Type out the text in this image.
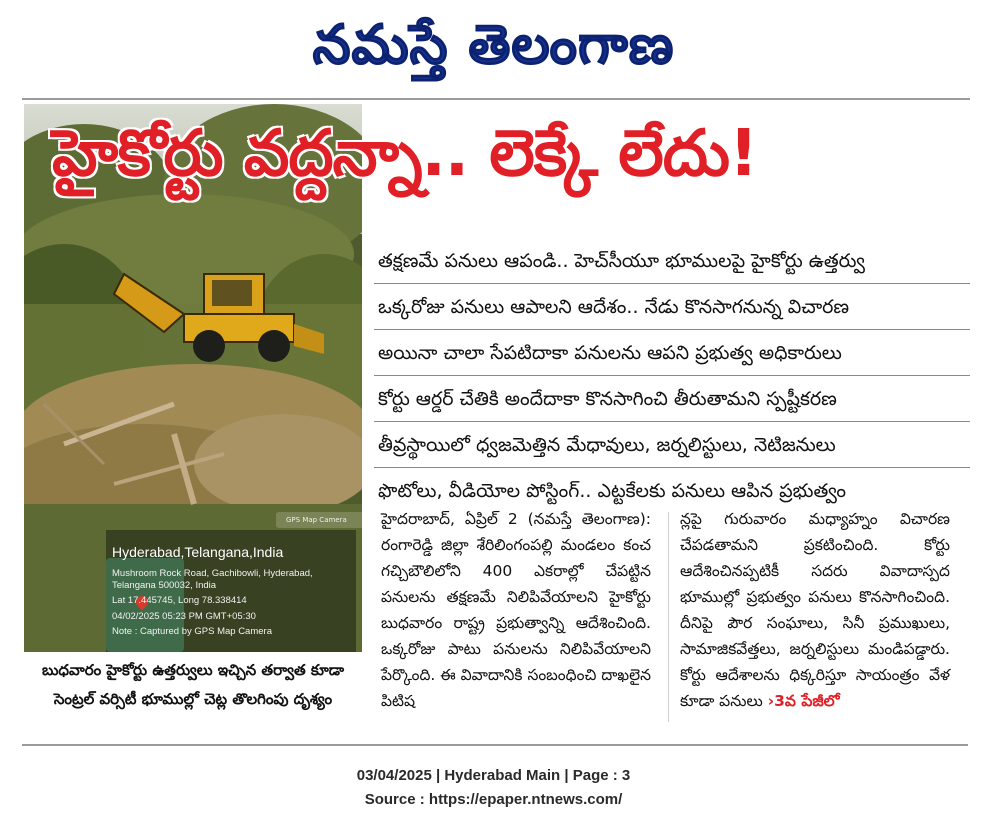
నమస్తే తెలంగాణ
GPS Map Camera
Hyderabad,Telangana,India
Mushroom Rock Road, Gachibowli, Hyderabad,
Telangana 500032, India
Lat 17.445745, Long 78.338414
04/02/2025 05:23 PM GMT+05:30
Note : Captured by GPS Map Camera
హైకోర్టు వద్దన్నా.. లెక్కే లేదు!
తక్షణమే పనులు ఆపండి.. హెచ్‌సీయూ భూములపై హైకోర్టు ఉత్తర్వు
ఒక్కరోజు పనులు ఆపాలని ఆదేశం.. నేడు కొనసాగనున్న విచారణ
అయినా చాలా సేపటిదాకా పనులను ఆపని ప్రభుత్వ అధికారులు
కోర్టు ఆర్డర్ చేతికి అందేదాకా కొనసాగించి తీరుతామని స్పష్టీకరణ
తీవ్రస్థాయిలో ధ్వజమెత్తిన మేధావులు, జర్నలిస్టులు, నెటిజనులు
ఫొటోలు, వీడియోల పోస్టింగ్.. ఎట్టకేలకు పనులు ఆపిన ప్రభుత్వం
బుధవారం హైకోర్టు ఉత్తర్వులు ఇచ్చిన తర్వాత కూడా
సెంట్రల్ వర్సిటీ భూముల్లో చెట్ల తొలగింపు దృశ్యం

హైదరాబాద్, ఏప్రిల్ 2 (నమస్తే తెలంగాణ): రంగారెడ్డి జిల్లా శేరిలింగంపల్లి మండలం కంచ గచ్చిబౌలిలోని 400 ఎకరాల్లో చేపట్టిన పనులను తక్షణమే నిలిపివేయాలని హైకోర్టు బుధవారం రాష్ట్ర ప్రభుత్వాన్ని ఆదేశించింది. ఒక్కరోజు పాటు పనులను నిలిపివేయాలని పేర్కొంది. ఈ వివాదానికి సంబంధించి దాఖలైన పిటిష

న్లపై గురువారం మధ్యాహ్నం విచారణ చేపడతామని ప్రకటించింది. కోర్టు ఆదేశించినప్పటికీ సదరు వివాదాస్పద భూముల్లో ప్రభుత్వం పనులు కొనసాగించింది. దీనిపై పౌర సంఘాలు, సినీ ప్రముఖులు, సామాజికవేత్తలు, జర్నలిస్టులు మండిపడ్డారు. కోర్టు ఆదేశాలను ధిక్కరిస్తూ సాయంత్రం వేళ కూడా పనులు ›3వ పేజీలో

03/04/2025 | Hyderabad Main | Page : 3
Source : https://epaper.ntnews.com/
